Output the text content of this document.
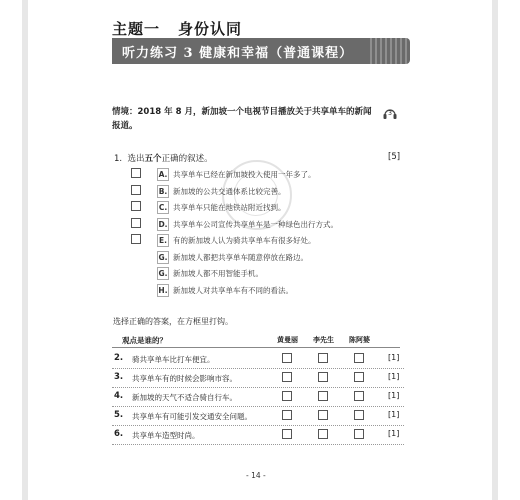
主题一 身份认同
听力练习 3 健康和幸福（普通课程）
情境：2018 年 8 月，新加坡一个电视节目播放关于共享单车的新闻报道。
3
1. 选出五个正确的叙述。	[5]
A. 共享单车已经在新加坡投入使用一年多了。
B. 新加坡的公共交通体系比较完善。
C. 共享单车只能在地铁站附近找到。
D. 共享单车公司宣传共享单车是一种绿色出行方式。
E. 有的新加坡人认为骑共享单车有很多好处。
G. 新加坡人都把共享单车随意停放在路边。
G. 新加坡人都不用智能手机。
H. 新加坡人对共享单车有不同的看法。
选择正确的答案，在方框里打钩。
观点是谁的？	黄曼丽 李先生 陈阿婆
2. 骑共享单车比打车便宜。	[1]
3. 共享单车有的时候会影响市容。	[1]
4. 新加坡的天气不适合骑自行车。	[1]
5. 共享单车有可能引发交通安全问题。	[1]
6. 共享单车造型时尚。	[1]
- 14 -
